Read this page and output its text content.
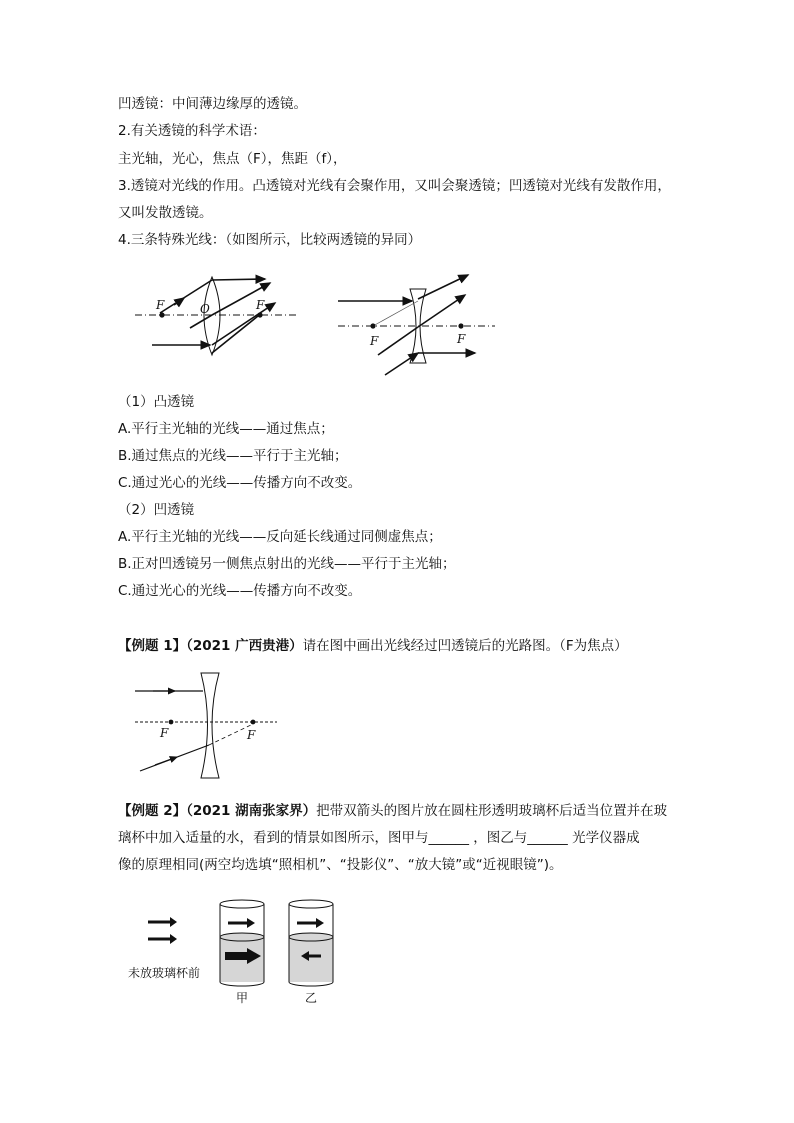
凹透镜：中间薄边缘厚的透镜。
2.有关透镜的科学术语：
主光轴，光心，焦点（F），焦距（f），
3.透镜对光线的作用。凸透镜对光线有会聚作用，又叫会聚透镜；凹透镜对光线有发散作用，
又叫发散透镜。
4.三条特殊光线：（如图所示，比较两透镜的异同）
F	F
O
F	F
（1）凸透镜
A.平行主光轴的光线——通过焦点；
B.通过焦点的光线——平行于主光轴；
C.通过光心的光线——传播方向不改变。
（2）凹透镜
A.平行主光轴的光线——反向延长线通过同侧虚焦点；
B.正对凹透镜另一侧焦点射出的光线——平行于主光轴；
C.通过光心的光线——传播方向不改变。
【例题 1】（2021 广西贵港）请在图中画出光线经过凹透镜后的光路图。（F为焦点）
F	F
【例题 2】（2021 湖南张家界）把带双箭头的图片放在圆柱形透明玻璃杯后适当位置并在玻
璃杯中加入适量的水，看到的情景如图所示，图甲与______ ，图乙与______ 光学仪器成
像的原理相同(两空均选填“照相机”、“投影仪”、“放大镜”或“近视眼镜”)。
未放玻璃杯前
甲	乙
